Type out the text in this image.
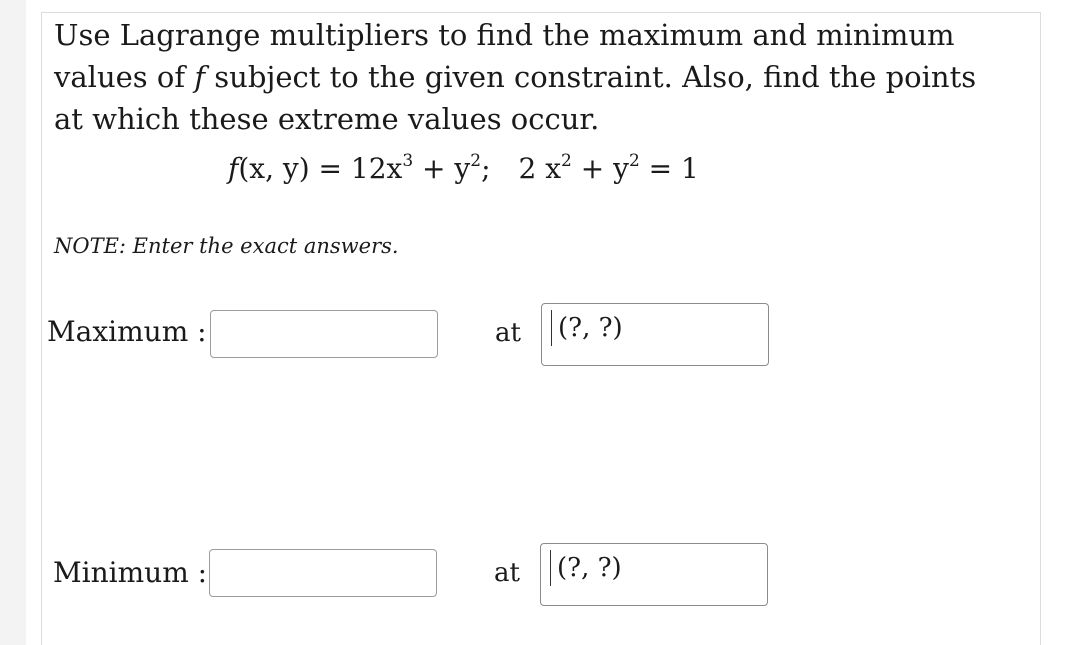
Use Lagrange multipliers to find the maximum and minimum values of f subject to the given constraint. Also, find the points at which these extreme values occur.

f(x, $y) = 12x^3 + y^2$; 2 $x^2 + y^2 = 1$
NOTE: Enter the exact answers.
Maximum :	at (?, ?)
Minimum :	at (?, ?)
